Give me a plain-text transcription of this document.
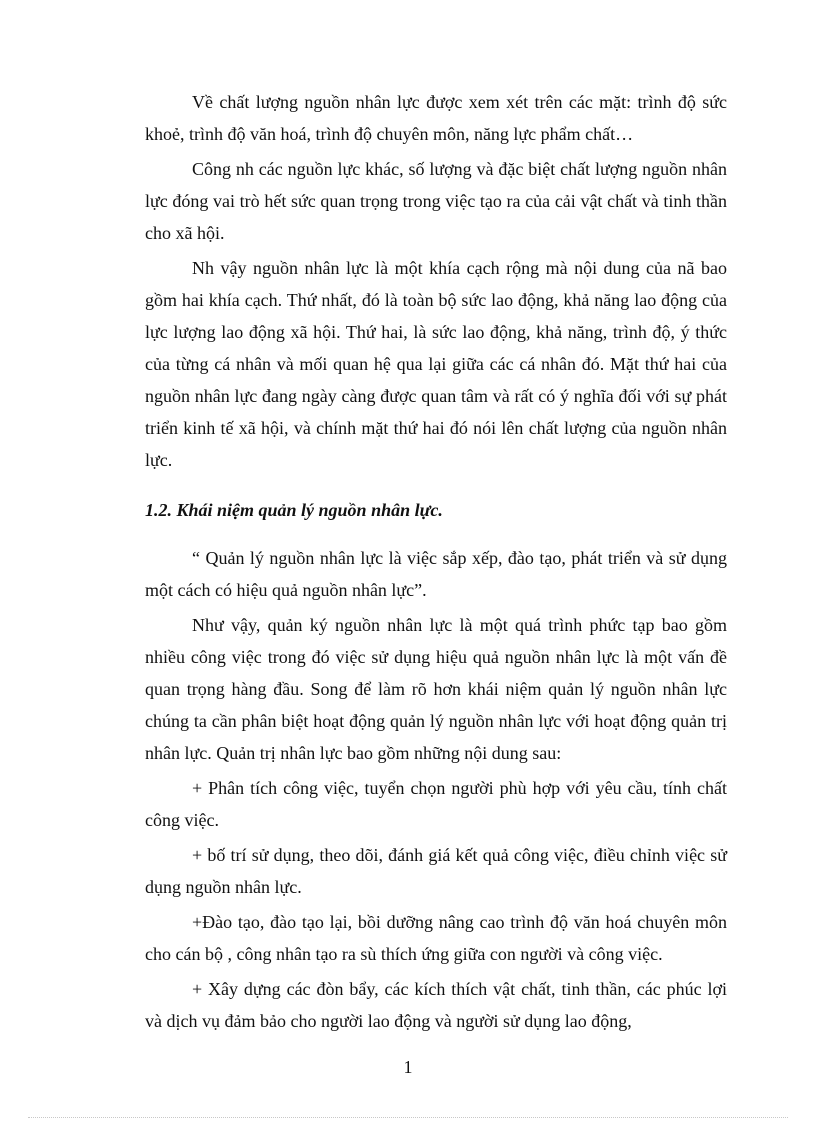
Về chất lượng nguồn nhân lực được xem xét trên các mặt: trình độ sức khoẻ, trình độ văn hoá, trình độ chuyên môn, năng lực phẩm chất…

Công nh các nguồn lực khác, số lượng và đặc biệt chất lượng nguồn nhân lực đóng vai trò hết sức quan trọng trong việc tạo ra của cải vật chất và tinh thần cho xã hội.

Nh vậy nguồn nhân lực là một khía cạch rộng mà nội dung của nã bao gồm hai khía cạch. Thứ nhất, đó là toàn bộ sức lao động, khả năng lao động của lực lượng lao động xã hội. Thứ hai, là sức lao động, khả năng, trình độ, ý thức của từng cá nhân và mối quan hệ qua lại giữa các cá nhân đó. Mặt thứ hai của nguồn nhân lực đang ngày càng được quan tâm và rất có ý nghĩa đối với sự phát triển kinh tế xã hội, và chính mặt thứ hai đó nói lên chất lượng của nguồn nhân lực.

1.2. Khái niệm quản lý nguồn nhân lực.

“ Quản lý nguồn nhân lực là việc sắp xếp, đào tạo, phát triển và sử dụng một cách có hiệu quả nguồn nhân lực”.

Như vậy, quản ký nguồn nhân lực là một quá trình phức tạp bao gồm nhiều công việc trong đó việc sử dụng hiệu quả nguồn nhân lực là một vấn đề quan trọng hàng đầu. Song để làm rõ hơn khái niệm quản lý nguồn nhân lực chúng ta cần phân biệt hoạt động quản lý nguồn nhân lực với hoạt động quản trị nhân lực. Quản trị nhân lực bao gồm những nội dung sau:

+ Phân tích công việc, tuyển chọn người phù hợp với yêu cầu, tính chất công việc.

+ bố trí sử dụng, theo dõi, đánh giá kết quả công việc, điều chỉnh việc sử dụng nguồn nhân lực.

+Đào tạo, đào tạo lại, bồi dưỡng nâng cao trình độ văn hoá chuyên môn cho cán bộ , công nhân tạo ra sù thích ứng giữa con người và công việc.

+ Xây dựng các đòn bẩy, các kích thích vật chất, tinh thần, các phúc lợi và dịch vụ đảm bảo cho người lao động và người sử dụng lao động,

1
